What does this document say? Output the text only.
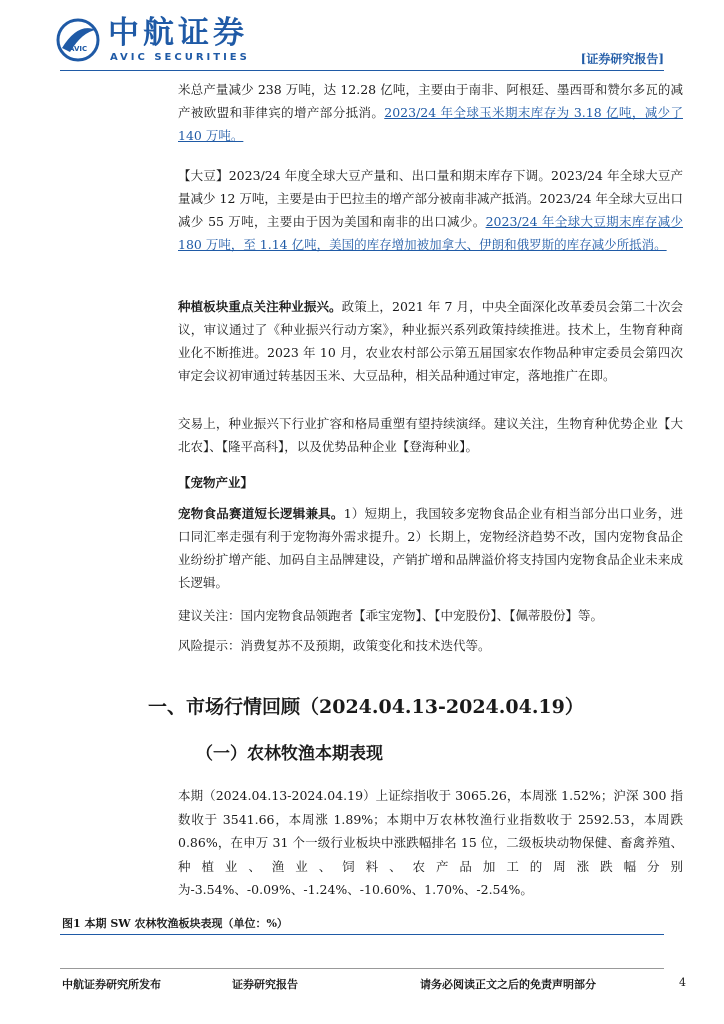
AVIC 中航证券
AVIC SECURITIES	[证券研究报告]

米总产量减少 238 万吨，达 12.28 亿吨，主要由于南非、阿根廷、墨西哥和赞尔多瓦的减产被欧盟和菲律宾的增产部分抵消。2023/24 年全球玉米期末库存为 3.18 亿吨，减少了 140 万吨。

【大豆】2023/24 年度全球大豆产量和、出口量和期末库存下调。2023/24 年全球大豆产量减少 12 万吨，主要是由于巴拉圭的增产部分被南非减产抵消。2023/24 年全球大豆出口减少 55 万吨，主要由于因为美国和南非的出口减少。2023/24 年全球大豆期末库存减少 180 万吨，至 1.14 亿吨，美国的库存增加被加拿大、伊朗和俄罗斯的库存减少所抵消。

种植板块重点关注种业振兴。政策上，2021 年 7 月，中央全面深化改革委员会第二十次会议，审议通过了《种业振兴行动方案》，种业振兴系列政策持续推进。技术上，生物育种商业化不断推进。2023 年 10 月，农业农村部公示第五届国家农作物品种审定委员会第四次审定会议初审通过转基因玉米、大豆品种，相关品种通过审定，落地推广在即。

交易上，种业振兴下行业扩容和格局重塑有望持续演绎。建议关注，生物育种优势企业【大北农】、【隆平高科】，以及优势品种企业【登海种业】。

【宠物产业】

宠物食品赛道短长逻辑兼具。1）短期上，我国较多宠物食品企业有相当部分出口业务，进口同汇率走强有利于宠物海外需求提升。2）长期上，宠物经济趋势不改，国内宠物食品企业纷纷扩增产能、加码自主品牌建设，产销扩增和品牌溢价将支持国内宠物食品企业未来成长逻辑。

建议关注：国内宠物食品领跑者【乖宝宠物】、【中宠股份】、【佩蒂股份】等。

风险提示：消费复苏不及预期，政策变化和技术迭代等。

一、市场行情回顾（2024.04.13-2024.04.19）
（一）农林牧渔本期表现

本期（2024.04.13-2024.04.19）上证综指收于 3065.26，本周涨 1.52%；沪深 300 指数收于 3541.66，本周涨 1.89%；本期中万农林牧渔行业指数收于 2592.53，本周跌 0.86%，在申万 31 个一级行业板块中涨跌幅排名 15 位，二级板块动物保健、畜禽养殖、种植业、渔业、饲料、农产品加工的周涨跌幅分别为-3.54%、-0.09%、-1.24%、-10.60%、1.70%、-2.54%。

图1 本期 SW 农林牧渔板块表现（单位：%）
中航证券研究所发布	证券研究报告	请务必阅读正文之后的免责声明部分	4
